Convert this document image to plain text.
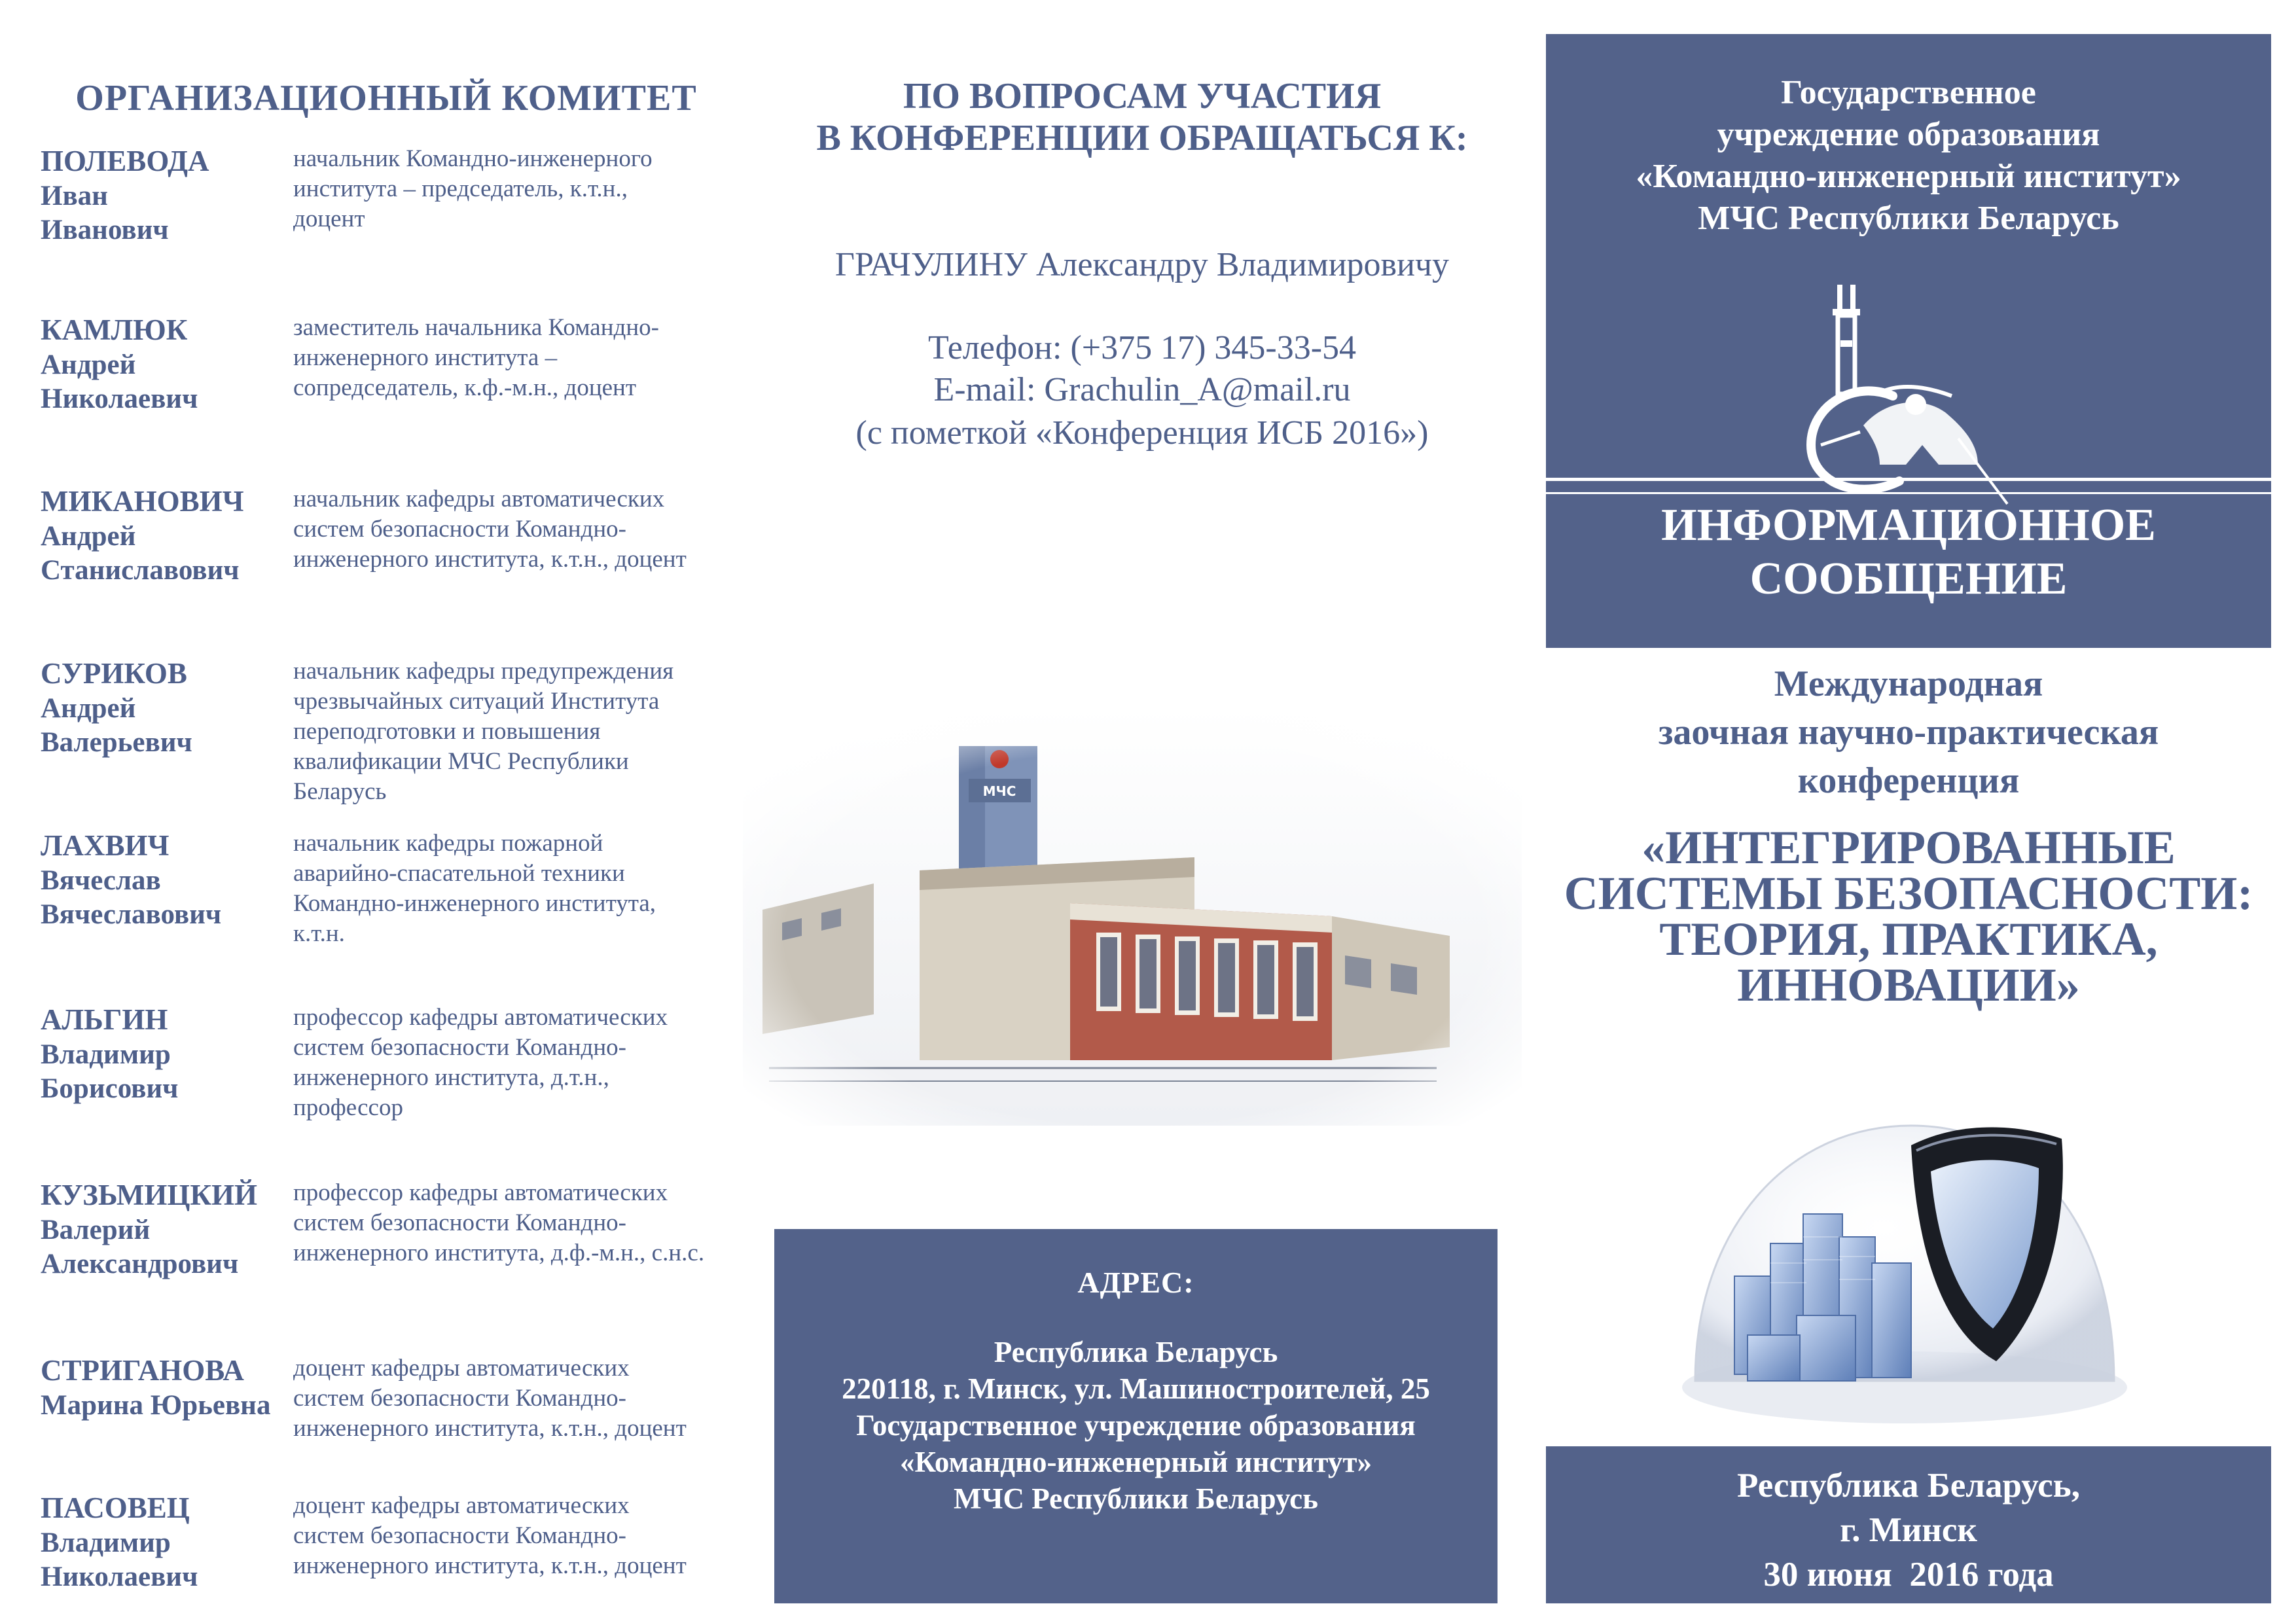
ОРГАНИЗАЦИОННЫЙ КОМИТЕТ
ПОЛЕВОДА
Иван
Иванович
начальник Командно-инженерного
института – председатель, к.т.н.,
доцент
КАМЛЮК
Андрей
Николаевич
заместитель начальника Командно-
инженерного института –
сопредседатель, к.ф.-м.н., доцент
МИКАНОВИЧ
Андрей
Станиславович
начальник кафедры автоматических
систем безопасности Командно-
инженерного института, к.т.н., доцент
СУРИКОВ
Андрей
Валерьевич
начальник кафедры предупреждения
чрезвычайных ситуаций Института
переподготовки и повышения
квалификации МЧС Республики
Беларусь
ЛАХВИЧ
Вячеслав
Вячеславович
начальник кафедры пожарной
аварийно-спасательной техники
Командно-инженерного института,
к.т.н.
АЛЬГИН
Владимир
Борисович
профессор кафедры автоматических
систем безопасности Командно-
инженерного института, д.т.н.,
профессор
КУЗЬМИЦКИЙ
Валерий
Александрович
профессор кафедры автоматических
систем безопасности Командно-
инженерного института, д.ф.-м.н., с.н.с.
СТРИГАНОВА
Марина Юрьевна
доцент кафедры автоматических
систем безопасности Командно-
инженерного института, к.т.н., доцент
ПАСОВЕЦ
Владимир
Николаевич
доцент кафедры автоматических
систем безопасности Командно-
инженерного института, к.т.н., доцент
ПО ВОПРОСАМ УЧАСТИЯ
В КОНФЕРЕНЦИИ ОБРАЩАТЬСЯ К:
ГРАЧУЛИНУ Александру Владимировичу
Телефон: (+375 17) 345-33-54
E-mail: Grachulin_A@mail.ru
(с пометкой «Конференция ИСБ 2016»)
АДРЕС:
Республика Беларусь
220118, г. Минск, ул. Машиностроителей, 25
Государственное учреждение образования
«Командно-инженерный институт»
МЧС Республики Беларусь
Государственное
учреждение образования
«Командно-инженерный институт»
МЧС Республики Беларусь
ИНФОРМАЦИОННОЕ
СООБЩЕНИЕ
Международная
заочная научно-практическая
конференция
«ИНТЕГРИРОВАННЫЕ
СИСТЕМЫ БЕЗОПАСНОСТИ:
ТЕОРИЯ, ПРАКТИКА,
ИННОВАЦИИ»
Республика Беларусь,
г. Минск
30 июня  2016 года
